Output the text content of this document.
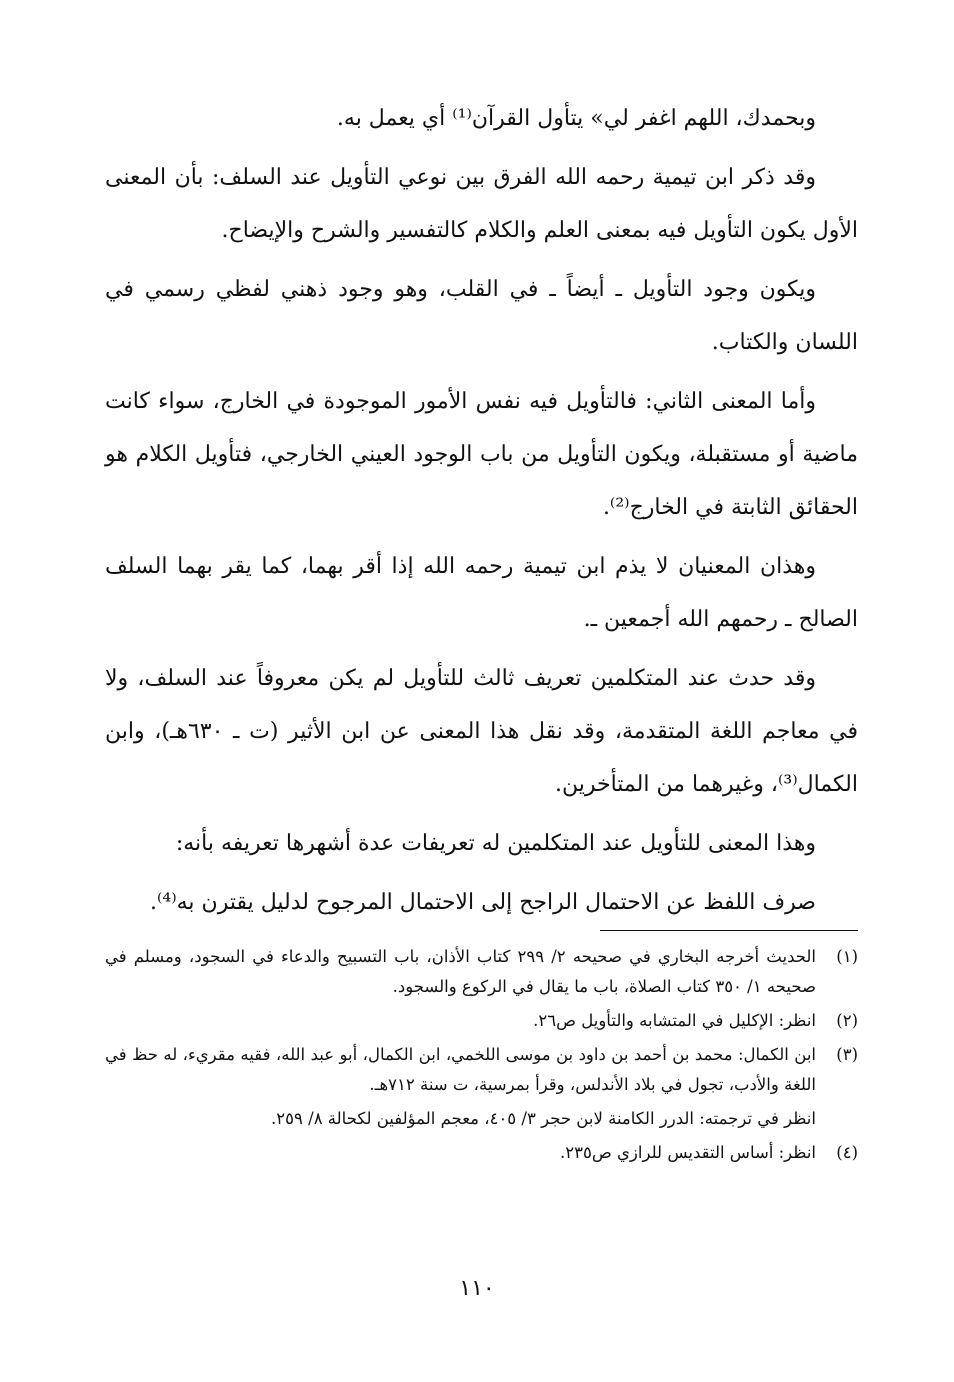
وبحمدك، اللهم اغفر لي» يتأول القرآن⁽¹⁾ أي يعمل به.

وقد ذكر ابن تيمية رحمه الله الفرق بين نوعي التأويل عند السلف: بأن المعنى الأول يكون التأويل فيه بمعنى العلم والكلام كالتفسير والشرح والإيضاح.

ويكون وجود التأويل ـ أيضاً ـ في القلب، وهو وجود ذهني لفظي رسمي في اللسان والكتاب.

وأما المعنى الثاني: فالتأويل فيه نفس الأمور الموجودة في الخارج، سواء كانت ماضية أو مستقبلة، ويكون التأويل من باب الوجود العيني الخارجي، فتأويل الكلام هو الحقائق الثابتة في الخارج⁽²⁾.

وهذان المعنيان لا يذم ابن تيمية رحمه الله إذا أقر بهما، كما يقر بهما السلف الصالح ـ رحمهم الله أجمعين ـ.

وقد حدث عند المتكلمين تعريف ثالث للتأويل لم يكن معروفاً عند السلف، ولا في معاجم اللغة المتقدمة، وقد نقل هذا المعنى عن ابن الأثير (ت ـ ٦٣٠هـ)، وابن الكمال⁽³⁾، وغيرهما من المتأخرين.

وهذا المعنى للتأويل عند المتكلمين له تعريفات عدة أشهرها تعريفه بأنه:

صرف اللفظ عن الاحتمال الراجح إلى الاحتمال المرجوح لدليل يقترن به⁽⁴⁾.

(١)
الحديث أخرجه البخاري في صحيحه ٢/ ٢٩٩ كتاب الأذان، باب التسبيح والدعاء في السجود، ومسلم في صحيحه ١/ ٣٥٠ كتاب الصلاة، باب ما يقال في الركوع والسجود.
(٢)
انظر: الإكليل في المتشابه والتأويل ص٢٦.
(٣)
ابن الكمال: محمد بن أحمد بن داود بن موسى اللخمي، ابن الكمال، أبو عبد الله، فقيه مقريء، له حظ في اللغة والأدب، تجول في بلاد الأندلس، وقرأ بمرسية، ت سنة ٧١٢هـ.
انظر في ترجمته: الدرر الكامنة لابن حجر ٣/ ٤٠٥، معجم المؤلفين لكحالة ٨/ ٢٥٩.
(٤)
انظر: أساس التقديس للرازي ص٢٣٥.
١١٠
